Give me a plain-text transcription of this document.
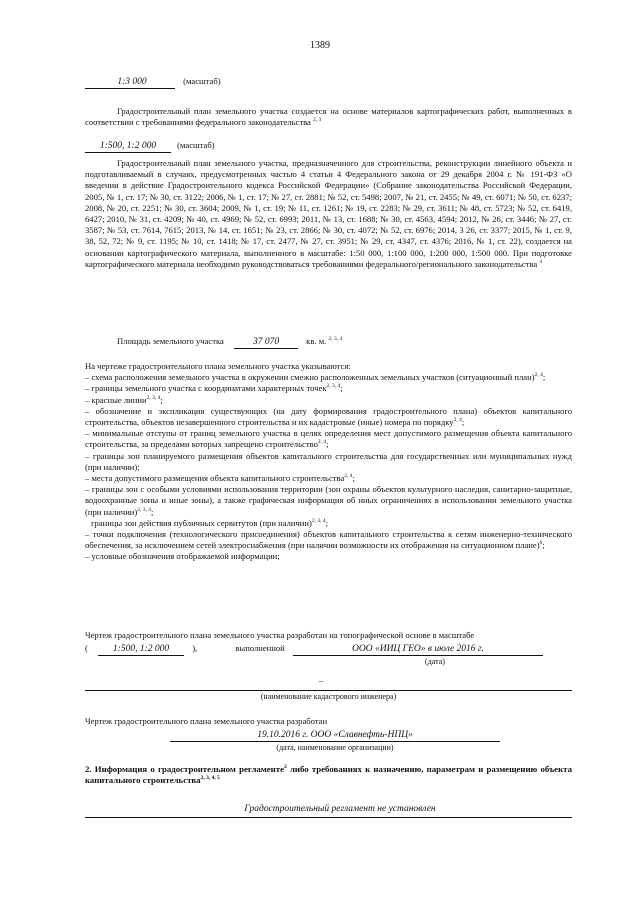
1389
1:3 000	(масштаб)
Градостроительный план земельного участка создается на основе материалов картографических работ, выполненных в соответствии с требованиями федерального законодательства $^{2, 3}$
1:500, 1:2 000 (масштаб)
Градостроительный план земельного участка, предназначенного для строительства, реконструкции линейного объекта и подготавливаемый в случаях, предусмотренных частью 4 статьи 4 Федерального закона от 29 декабря 2004 г. № 191-ФЗ «О введении в действие Градостроительного кодекса Российской Федерации» (Собрание законодательства Российской Федерации, 2005, № 1, ст. 17; № 30, ст. 3122; 2006, № 1, ст. 17; № 27, ст. 2881; № 52, ст. 5498; 2007, № 21, ст. 2455; № 49, ст. 6071; № 50, ст. 6237; 2008, № 20, ст. 2251; № 30, ст. 3604; 2009, № 1, ст. 19; № 11, ст. 1261; № 19, ст. 2283; № 29, ст. 3611; № 48, ст. 5723; № 52, ст. 6419, 6427; 2010, № 31, ст. 4209; № 40, ст. 4969; № 52, ст. 6993; 2011, № 13, ст. 1688; № 30, ст. 4563, 4594; 2012, № 26, ст. 3446; № 27, ст. 3587; № 53, ст. 7614, 7615; 2013, № 14, ст. 1651; № 23, ст. 2866; № 30, ст. 4072; № 52, ст. 6976; 2014, 3 26, ст. 3377; 2015, № 1, ст. 9, 38, 52, 72; № 9, ст. 1195; № 10, ст. 1418; № 17, ст. 2477, № 27, ст. 3951; № 29, ст. 4347, ст. 4376; 2016, № 1, ст. 22), создается на основании картографического материала, выполненного в масштабе: 1:50 000, 1:100 000, 1:200 000, 1:500 000. При подготовке картографического материала необходимо руководствоваться требованиями федерального/регионального законодательства $^4$
Площадь земельного участка	37 070	кв. м. $^{2, 3, 4}$
На чертеже градостроительного плана земельного участка указываются:
– схема расположения земельного участка в окружении смежно расположенных земельных участков (ситуационный план)$^{2, 4}$;
– границы земельного участка с координатами характерных точек$^{2, 3, 4}$;
– красные линии$^{2, 3, 4}$;
– обозначение и экспликация существующих (на дату формирования градостроительного плана) объектов капитального строительства, объектов незавершенного строительства и их кадастровые (иные) номера по порядку$^{2, 4}$;
– минимальные отступы от границ земельного участка в целях определения мест допустимого размещения объекта капитального строительства, за пределами которых запрещено строительство$^{2, 4}$;
– границы зон планируемого размещения объектов капитального строительства для государственных или муниципальных нужд (при наличии);
– места допустимого размещения объекта капитального строительства$^{2, 4}$;
– границы зон с особыми условиями использования территории (зон охраны объектов культурного наследия, санитарно-защитные, водоохранные зоны и иные зоны), а также графическая информация об иных ограничениях в использовании земельного участка (при наличии)$^{2, 3, 4}$;
границы зон действия публичных сервитутов (при наличии)$^{2, 3, 4}$;
– точки подключения (технологического присоединения) объектов капитального строительства к сетям инженерно-технического обеспечения, за исключением сетей электроснабжения (при наличии возможности их отображения на ситуационном плане)$^6$;
– условные обозначения отображаемой информации;
Чертеж градостроительного плана земельного участка разработан на топографической основе в масштабе
(	1:500, 1:2 000	),	выполненной	ООО «ИИЦ ГЕО» в июле 2016 г.
(дата)
–
(наименование кадастрового инженера)
Чертеж градостроительного плана земельного участка разработан
19.10.2016 г. ООО «Славнефть-НПЦ»
(дата, наименование организации)
2. Информация о градостроительном регламенте$^2$ либо требованиях к назначению, параметрам и размещению объекта капитального строительства$^{2, 3, 4, 5}$
Градостроительный регламент не установлен
